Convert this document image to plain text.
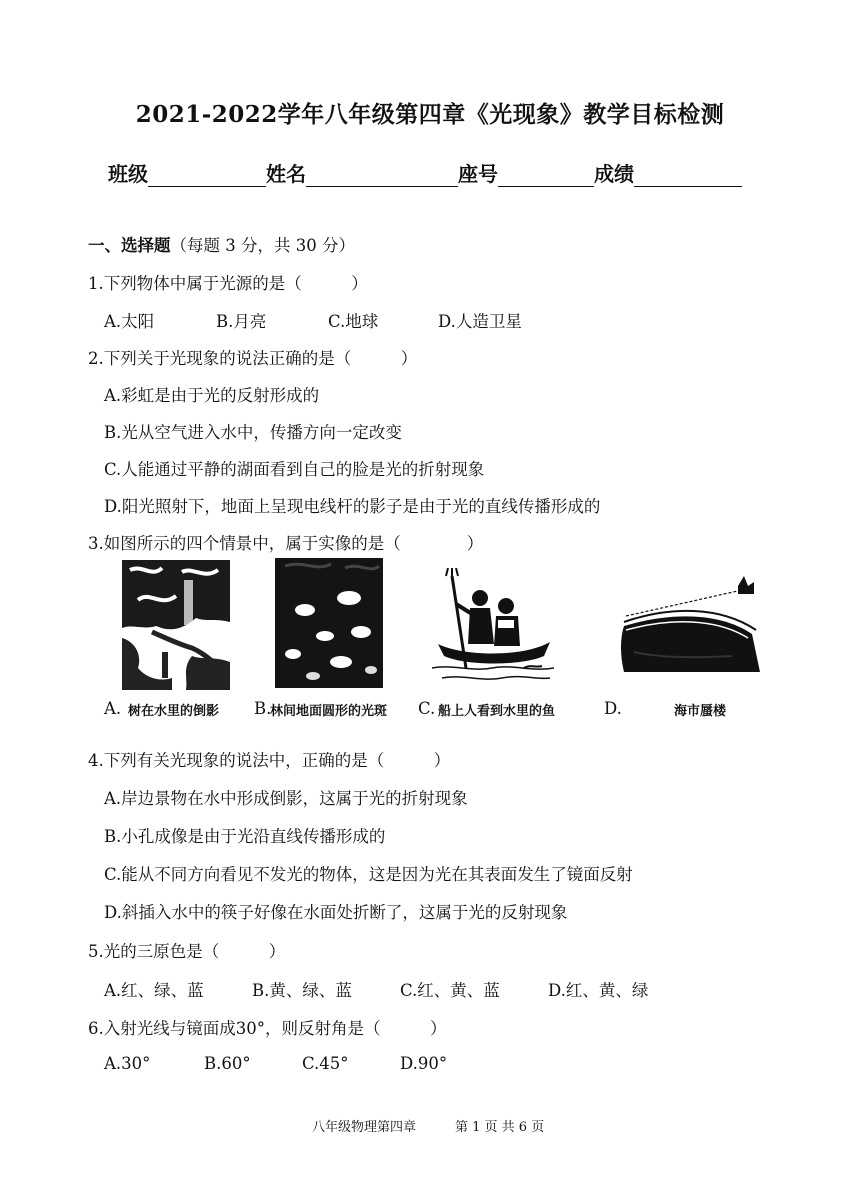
2021-2022学年八年级第四章《光现象》教学目标检测
班级	姓名	座号	成绩
一、选择题（每题 3 分，共 30 分）
1.下列物体中属于光源的是（　　　）
A.太阳	B.月亮	C.地球	D.人造卫星
2.下列关于光现象的说法正确的是（　　　）
A.彩虹是由于光的反射形成的
B.光从空气进入水中，传播方向一定改变
C.人能通过平静的湖面看到自己的脸是光的折射现象
D.阳光照射下，地面上呈现电线杆的影子是由于光的直线传播形成的
3.如图所示的四个情景中，属于实像的是（　　　　）
A. 树在水里的倒影 B.
林间地面圆形的光斑 C. 船上人看到水里的鱼	D.	海市蜃楼
4.下列有关光现象的说法中，正确的是（　　　）
A.岸边景物在水中形成倒影，这属于光的折射现象
B.小孔成像是由于光沿直线传播形成的
C.能从不同方向看见不发光的物体，这是因为光在其表面发生了镜面反射
D.斜插入水中的筷子好像在水面处折断了，这属于光的反射现象
5.光的三原色是（　　　）
A.红、绿、蓝	B.黄、绿、蓝	C.红、黄、蓝	D.红、黄、绿
6.入射光线与镜面成30°，则反射角是（　　　）
A.30°	B.60°	C.45°	D.90°
八年级物理第四章	第 1 页 共 6 页
